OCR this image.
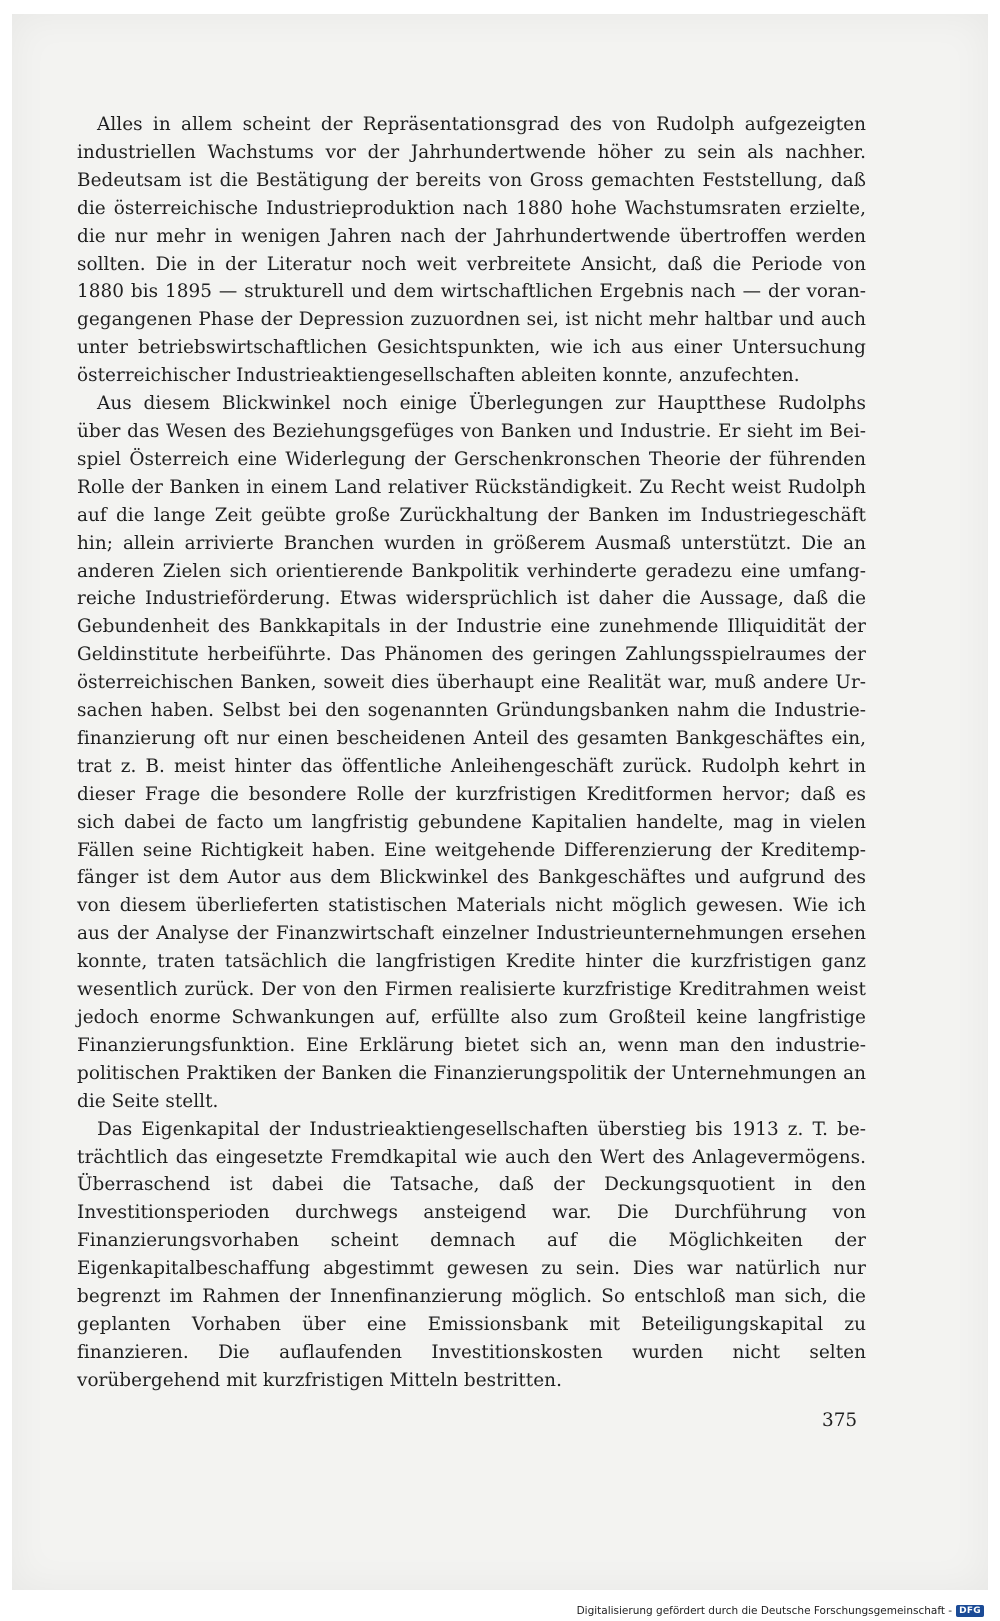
Alles in allem scheint der Repräsentationsgrad des von Rudolph aufgezeigten industriellen Wachstums vor der Jahrhundertwende höher zu sein als nachher. Bedeutsam ist die Bestätigung der bereits von Gross gemachten Feststellung, daß die österreichische Industrieproduktion nach 1880 hohe Wachstumsraten erzielte, die nur mehr in wenigen Jahren nach der Jahrhundertwende übertroffen werden sollten. Die in der Literatur noch weit verbreitete Ansicht, daß die Periode von 1880 bis 1895 — strukturell und dem wirtschaftlichen Ergebnis nach — der vorangegangenen Phase der Depression zuzuordnen sei, ist nicht mehr haltbar und auch unter betriebswirtschaftlichen Gesichtspunkten, wie ich aus einer Untersuchung österreichischer Industrieaktiengesellschaften ableiten konnte, anzufechten.

Aus diesem Blickwinkel noch einige Überlegungen zur Hauptthese Rudolphs über das Wesen des Beziehungsgefüges von Banken und Industrie. Er sieht im Beispiel Österreich eine Widerlegung der Gerschenkronschen Theorie der führenden Rolle der Banken in einem Land relativer Rückständigkeit. Zu Recht weist Rudolph auf die lange Zeit geübte große Zurückhaltung der Banken im Industriegeschäft hin; allein arrivierte Branchen wurden in größerem Ausmaß unterstützt. Die an anderen Zielen sich orientierende Bankpolitik verhinderte geradezu eine umfangreiche Industrieförderung. Etwas widersprüchlich ist daher die Aussage, daß die Gebundenheit des Bankkapitals in der Industrie eine zunehmende Illiquidität der Geldinstitute herbeiführte. Das Phänomen des geringen Zahlungsspielraumes der österreichischen Banken, soweit dies überhaupt eine Realität war, muß andere Ursachen haben. Selbst bei den sogenannten Gründungsbanken nahm die Industriefinanzierung oft nur einen bescheidenen Anteil des gesamten Bankgeschäftes ein, trat z. B. meist hinter das öffentliche Anleihengeschäft zurück. Rudolph kehrt in dieser Frage die besondere Rolle der kurzfristigen Kreditformen hervor; daß es sich dabei de facto um langfristig gebundene Kapitalien handelte, mag in vielen Fällen seine Richtigkeit haben. Eine weitgehende Differenzierung der Kreditempfänger ist dem Autor aus dem Blickwinkel des Bankgeschäftes und aufgrund des von diesem überlieferten statistischen Materials nicht möglich gewesen. Wie ich aus der Analyse der Finanzwirtschaft einzelner Industrieunternehmungen ersehen konnte, traten tatsächlich die langfristigen Kredite hinter die kurzfristigen ganz wesentlich zurück. Der von den Firmen realisierte kurzfristige Kreditrahmen weist jedoch enorme Schwankungen auf, erfüllte also zum Großteil keine langfristige Finanzierungsfunktion. Eine Erklärung bietet sich an, wenn man den industriepolitischen Praktiken der Banken die Finanzierungspolitik der Unternehmungen an die Seite stellt.

Das Eigenkapital der Industrieaktiengesellschaften überstieg bis 1913 z. T. beträchtlich das eingesetzte Fremdkapital wie auch den Wert des Anlagevermögens. Überraschend ist dabei die Tatsache, daß der Deckungsquotient in den Investitionsperioden durchwegs ansteigend war. Die Durchführung von Finanzierungsvorhaben scheint demnach auf die Möglichkeiten der Eigenkapitalbeschaffung abgestimmt gewesen zu sein. Dies war natürlich nur begrenzt im Rahmen der Innenfinanzierung möglich. So entschloß man sich, die geplanten Vorhaben über eine Emissionsbank mit Beteiligungskapital zu finanzieren. Die auflaufenden Investitionskosten wurden nicht selten vorübergehend mit kurzfristigen Mitteln bestritten.

375
Digitalisierung gefördert durch die Deutsche Forschungsgemeinschaft - DFG
